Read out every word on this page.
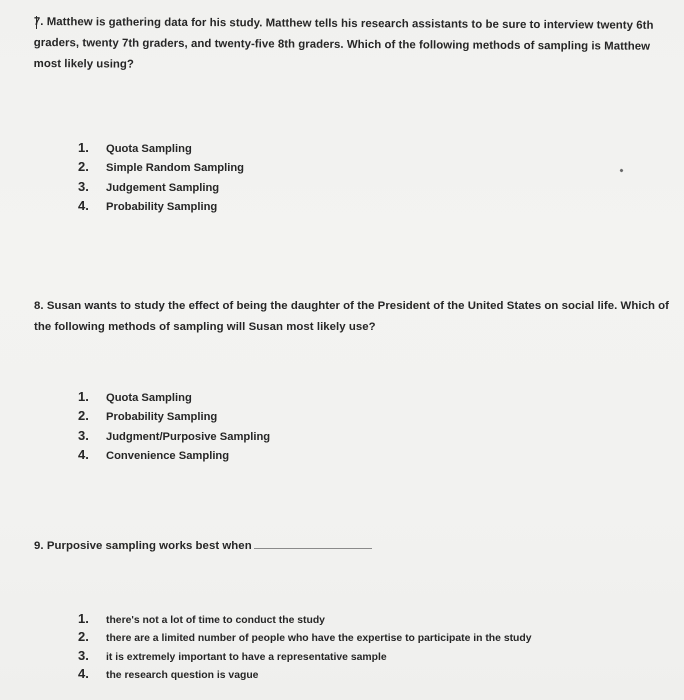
7. Matthew is gathering data for his study. Matthew tells his research assistants to be sure to interview twenty 6th graders, twenty 7th graders, and twenty-five 8th graders. Which of the following methods of sampling is Matthew most likely using?
1.	Quota Sampling
2.	Simple Random Sampling
3.	Judgement Sampling
4.	Probability Sampling
8. Susan wants to study the effect of being the daughter of the President of the United States on social life. Which of the following methods of sampling will Susan most likely use?
1.	Quota Sampling
2.	Probability Sampling
3.	Judgment/Purposive Sampling
4.	Convenience Sampling
9. Purposive sampling works best when
1.	there's not a lot of time to conduct the study
2.	there are a limited number of people who have the expertise to participate in the study
3.	it is extremely important to have a representative sample
4.	the research question is vague
